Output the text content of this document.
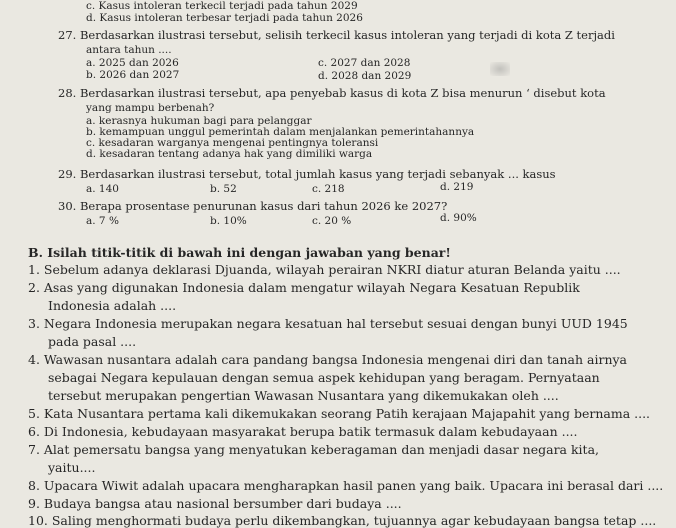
c. Kasus intoleran terkecil terjadi pada tahun 2029
d. Kasus intoleran terbesar terjadi pada tahun 2026
27. Berdasarkan ilustrasi tersebut, selisih terkecil kasus intoleran yang terjadi di kota Z terjadi
antara tahun ....
a. 2025 dan 2026
b. 2026 dan 2027
c. 2027 dan 2028
d. 2028 dan 2029
28. Berdasarkan ilustrasi tersebut, apa penyebab kasus di kota Z bisa menurun ‘ disebut kota
yang mampu berbenah?
a. kerasnya hukuman bagi para pelanggar
b. kemampuan unggul pemerintah dalam menjalankan pemerintahannya
c. kesadaran warganya mengenai pentingnya toleransi
d. kesadaran tentang adanya hak yang dimiliki warga
29. Berdasarkan ilustrasi tersebut, total jumlah kasus yang terjadi sebanyak ... kasus
a. 140	b. 52	c. 218	d. 219
30. Berapa prosentase penurunan kasus dari tahun 2026 ke 2027?
a. 7 %	b. 10%	c. 20 %	d. 90%
B. Isilah titik-titik di bawah ini dengan jawaban yang benar!
1. Sebelum adanya deklarasi Djuanda, wilayah perairan NKRI diatur aturan Belanda yaitu ....
2. Asas yang digunakan Indonesia dalam mengatur wilayah Negara Kesatuan Republik
Indonesia adalah ....
3. Negara Indonesia merupakan negara kesatuan hal tersebut sesuai dengan bunyi UUD 1945
pada pasal ....
4. Wawasan nusantara adalah cara pandang bangsa Indonesia mengenai diri dan tanah airnya
sebagai Negara kepulauan dengan semua aspek kehidupan yang beragam. Pernyataan
tersebut merupakan pengertian Wawasan Nusantara yang dikemukakan oleh ....
5. Kata Nusantara pertama kali dikemukakan seorang Patih kerajaan Majapahit yang bernama ....
6. Di Indonesia, kebudayaan masyarakat berupa batik termasuk dalam kebudayaan ....
7. Alat pemersatu bangsa yang menyatukan keberagaman dan menjadi dasar negara kita,
yaitu....
8. Upacara Wiwit adalah upacara mengharapkan hasil panen yang baik. Upacara ini berasal dari ....
9. Budaya bangsa atau nasional bersumber dari budaya ....
10. Saling menghormati budaya perlu dikembangkan, tujuannya agar kebudayaan bangsa tetap ....
